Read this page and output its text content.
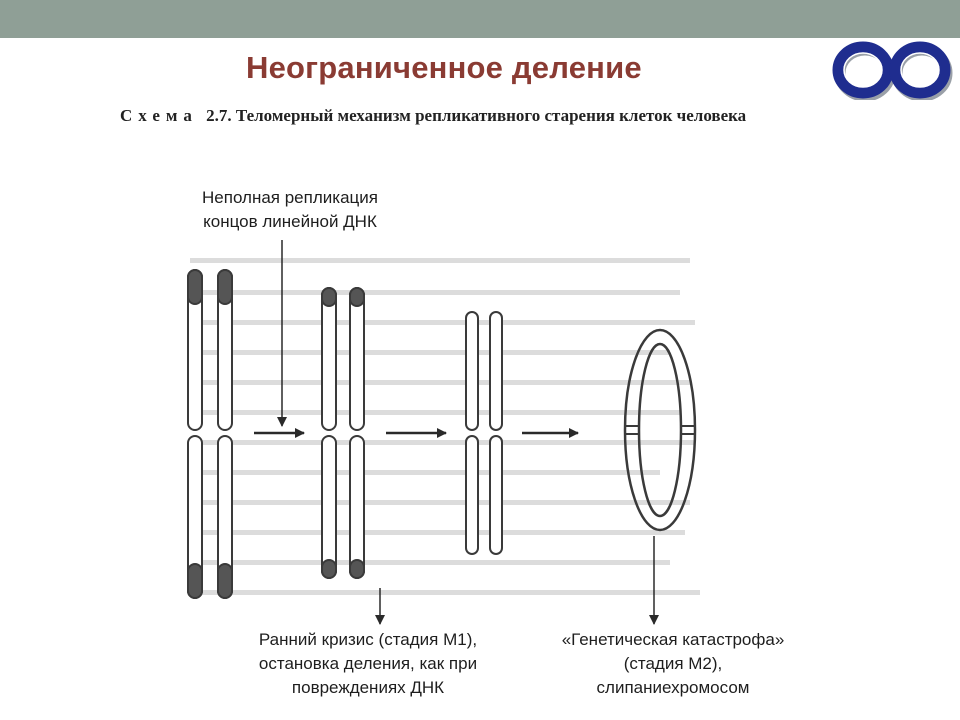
Неограниченное деление

Схема 2.7. Теломерный механизм репликативного старения клеток человека

Неполная репликация
концов линейной ДНК

Ранний кризис (стадия M1),
остановка деления, как при
повреждениях ДНК

«Генетическая катастрофа»
(стадия M2),
слипаниехромосом
